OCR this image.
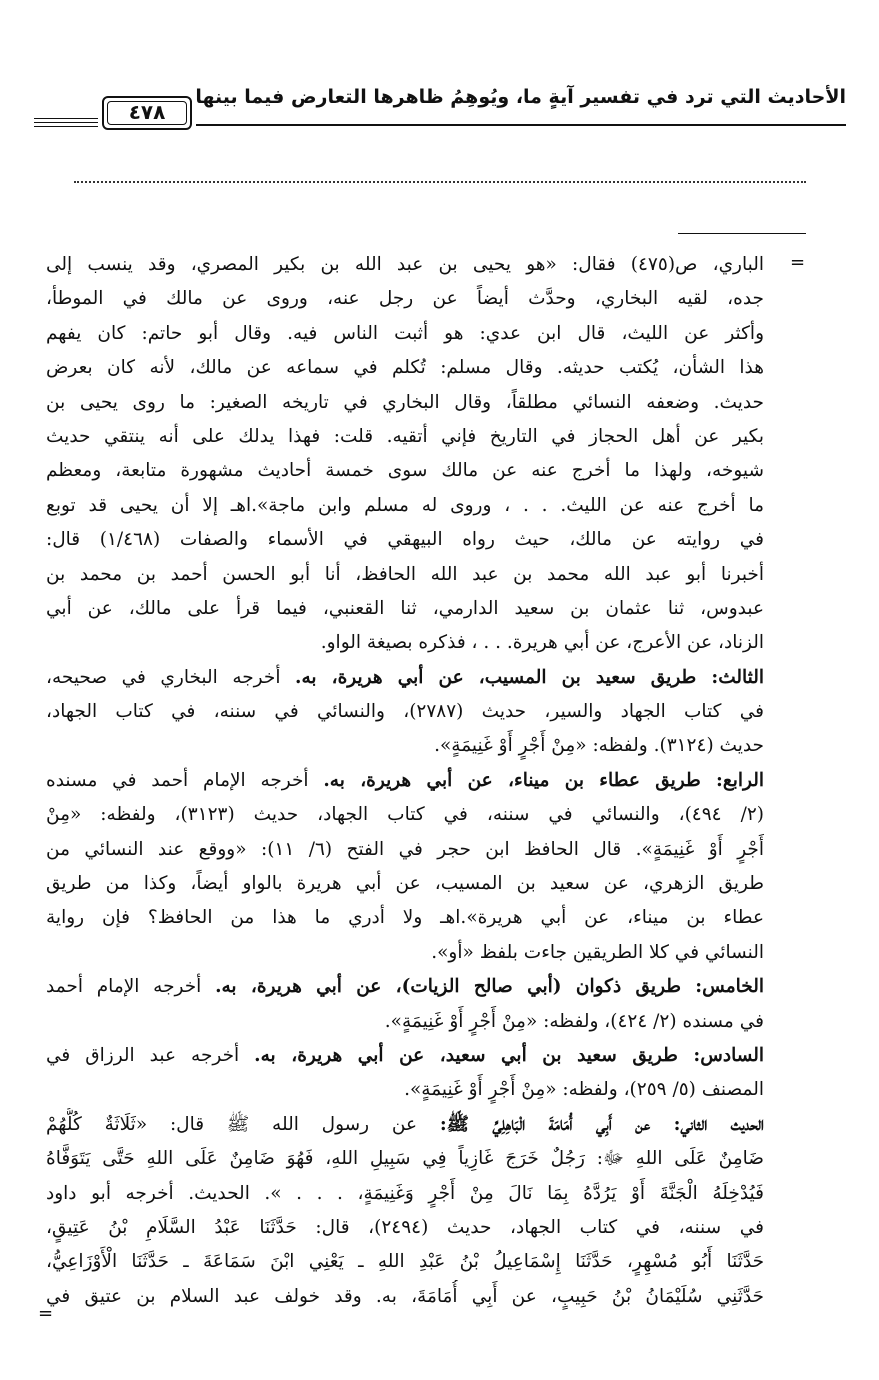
٤٧٨
الأحاديث التي ترد في تفسير آيةٍ ما، ويُوهِمُ ظاهرها التعارض فيما بينها
=
=
الباري، ص(٤٧٥) فقال: «هو يحيى بن عبد الله بن بكير المصري، وقد ينسب إلى
جده، لقيه البخاري، وحدَّث أيضاً عن رجل عنه، وروى عن مالك في الموطأ،
وأكثر عن الليث، قال ابن عدي: هو أثبت الناس فيه. وقال أبو حاتم: كان يفهم
هذا الشأن، يُكتب حديثه. وقال مسلم: تُكلم في سماعه عن مالك، لأنه كان بعرض
حديث. وضعفه النسائي مطلقاً، وقال البخاري في تاريخه الصغير: ما روى يحيى بن
بكير عن أهل الحجاز في التاريخ فإني أتقيه. قلت: فهذا يدلك على أنه ينتقي حديث
شيوخه، ولهذا ما أخرج عنه عن مالك سوى خمسة أحاديث مشهورة متابعة، ومعظم
ما أخرج عنه عن الليث. . . ، وروى له مسلم وابن ماجة».اهـ إلا أن يحيى قد توبع
في روايته عن مالك، حيث رواه البيهقي في الأسماء والصفات (١/٤٦٨) قال:
أخبرنا أبو عبد الله محمد بن عبد الله الحافظ، أنا أبو الحسن أحمد بن محمد بن
عبدوس، ثنا عثمان بن سعيد الدارمي، ثنا القعنبي، فيما قرأ على مالك، عن أبي
الزناد، عن الأعرج، عن أبي هريرة. . . ، فذكره بصيغة الواو.
الثالث: طريق سعيد بن المسيب، عن أبي هريرة، به. أخرجه البخاري في صحيحه،
في كتاب الجهاد والسير، حديث (٢٧٨٧)، والنسائي في سننه، في كتاب الجهاد،
حديث (٣١٢٤). ولفظه: «مِنْ أَجْرٍ أَوْ غَنِيمَةٍ».
الرابع: طريق عطاء بن ميناء، عن أبي هريرة، به. أخرجه الإمام أحمد في مسنده
(٢/ ٤٩٤)، والنسائي في سننه، في كتاب الجهاد، حديث (٣١٢٣)، ولفظه: «مِنْ
أَجْرٍ أَوْ غَنِيمَةٍ». قال الحافظ ابن حجر في الفتح (٦/ ١١): «ووقع عند النسائي من
طريق الزهري، عن سعيد بن المسيب، عن أبي هريرة بالواو أيضاً، وكذا من طريق
عطاء بن ميناء، عن أبي هريرة».اهـ ولا أدري ما هذا من الحافظ؟ فإن رواية
النسائي في كلا الطريقين جاءت بلفظ «أو».
الخامس: طريق ذكوان (أبي صالح الزيات)، عن أبي هريرة، به. أخرجه الإمام أحمد
في مسنده (٢/ ٤٢٤)، ولفظه: «مِنْ أَجْرٍ أَوْ غَنِيمَةٍ».
السادس: طريق سعيد بن أبي سعيد، عن أبي هريرة، به. أخرجه عبد الرزاق في
المصنف (٥/ ٢٥٩)، ولفظه: «مِنْ أَجْرٍ أَوْ غَنِيمَةٍ».
الحديث الثاني: عن أَبِي أُمَامَةَ الْبَاهِلِيِّ ﷺ: عن رسول الله ﷺ قال: «ثَلَاثَةٌ كُلُّهُمْ
ضَامِنٌ عَلَى اللهِ ﷻ: رَجُلٌ خَرَجَ غَازِياً فِي سَبِيلِ اللهِ، فَهُوَ ضَامِنٌ عَلَى اللهِ حَتَّى يَتَوَفَّاهُ
فَيُدْخِلَهُ الْجَنَّةَ أَوْ يَرُدَّهُ بِمَا نَالَ مِنْ أَجْرٍ وَغَنِيمَةٍ، . . . ». الحديث. أخرجه أبو داود
في سننه، في كتاب الجهاد، حديث (٢٤٩٤)، قال: حَدَّثَنَا عَبْدُ السَّلَامِ بْنُ عَتِيقٍ،
حَدَّثَنَا أَبُو مُسْهِرٍ، حَدَّثَنَا إِسْمَاعِيلُ بْنُ عَبْدِ اللهِ ـ يَعْنِي ابْنَ سَمَاعَةَ ـ حَدَّثَنَا الْأَوْزَاعِيُّ،
حَدَّثَنِي سُلَيْمَانُ بْنُ حَبِيبٍ، عن أَبِي أُمَامَةَ، به. وقد خولف عبد السلام بن عتيق في
